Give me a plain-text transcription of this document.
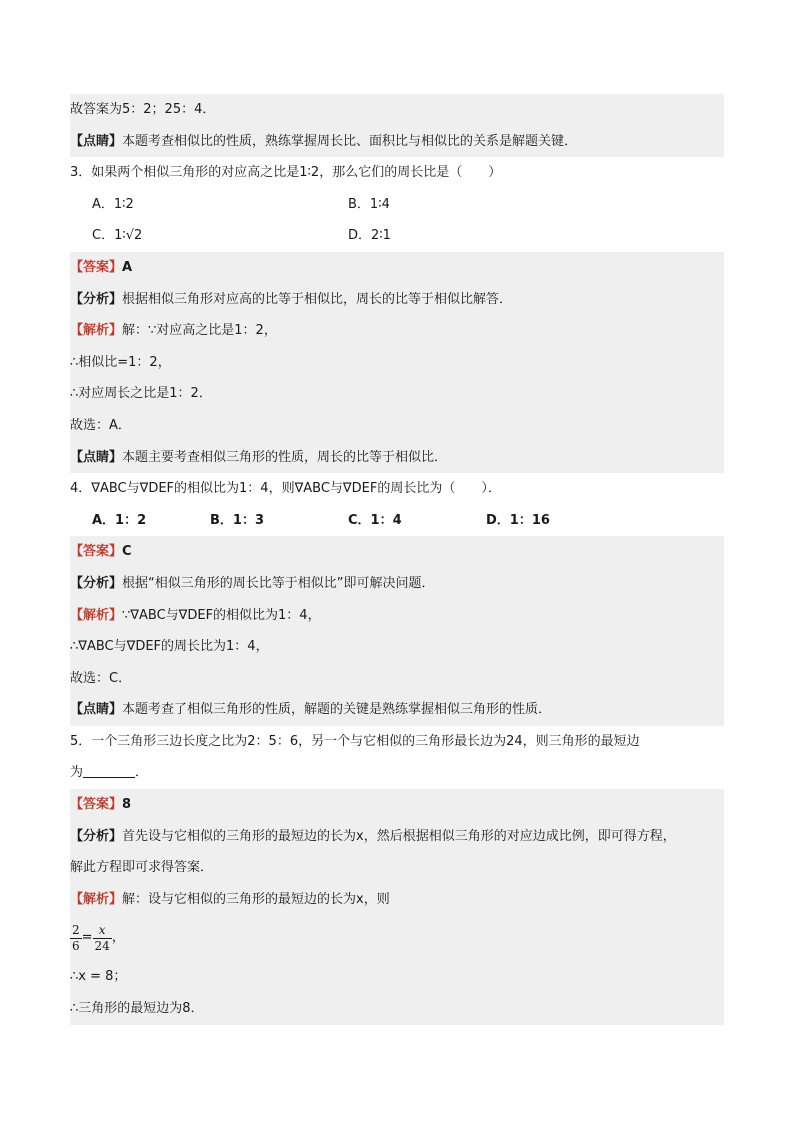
故答案为5：2；25：4．
【点睛】本题考查相似比的性质，熟练掌握周长比、面积比与相似比的关系是解题关键．
3．如果两个相似三角形的对应高之比是1∶2，那么它们的周长比是（　　）
A．1∶2	B．1∶4
C．1∶√2	D．2∶1
【答案】A
【分析】根据相似三角形对应高的比等于相似比，周长的比等于相似比解答．
【解析】解：∵对应高之比是1：2，
∴相似比=1：2，
∴对应周长之比是1：2．
故选：A．
【点睛】本题主要考查相似三角形的性质，周长的比等于相似比．
4．∇ABC与∇DEF的相似比为1：4，则∇ABC与∇DEF的周长比为（　　）．
A．1：2	B．1：3	C．1：4	D．1：16
【答案】C
【分析】根据“相似三角形的周长比等于相似比”即可解决问题．
【解析】∵∇ABC与∇DEF的相似比为1：4，
∴∇ABC与∇DEF的周长比为1：4，
故选：C．
【点睛】本题考查了相似三角形的性质，解题的关键是熟练掌握相似三角形的性质．
5．一个三角形三边长度之比为2：5：6，另一个与它相似的三角形最长边为24，则三角形的最短边
为	．
【答案】8
【分析】首先设与它相似的三角形的最短边的长为x，然后根据相似三角形的对应边成比例，即可得方程，
解此方程即可求得答案．
【解析】解：设与它相似的三角形的最短边的长为x，则
$\frac{2}{6} = \frac{x}{24}$ ，
∴x = 8；
∴三角形的最短边为8．
